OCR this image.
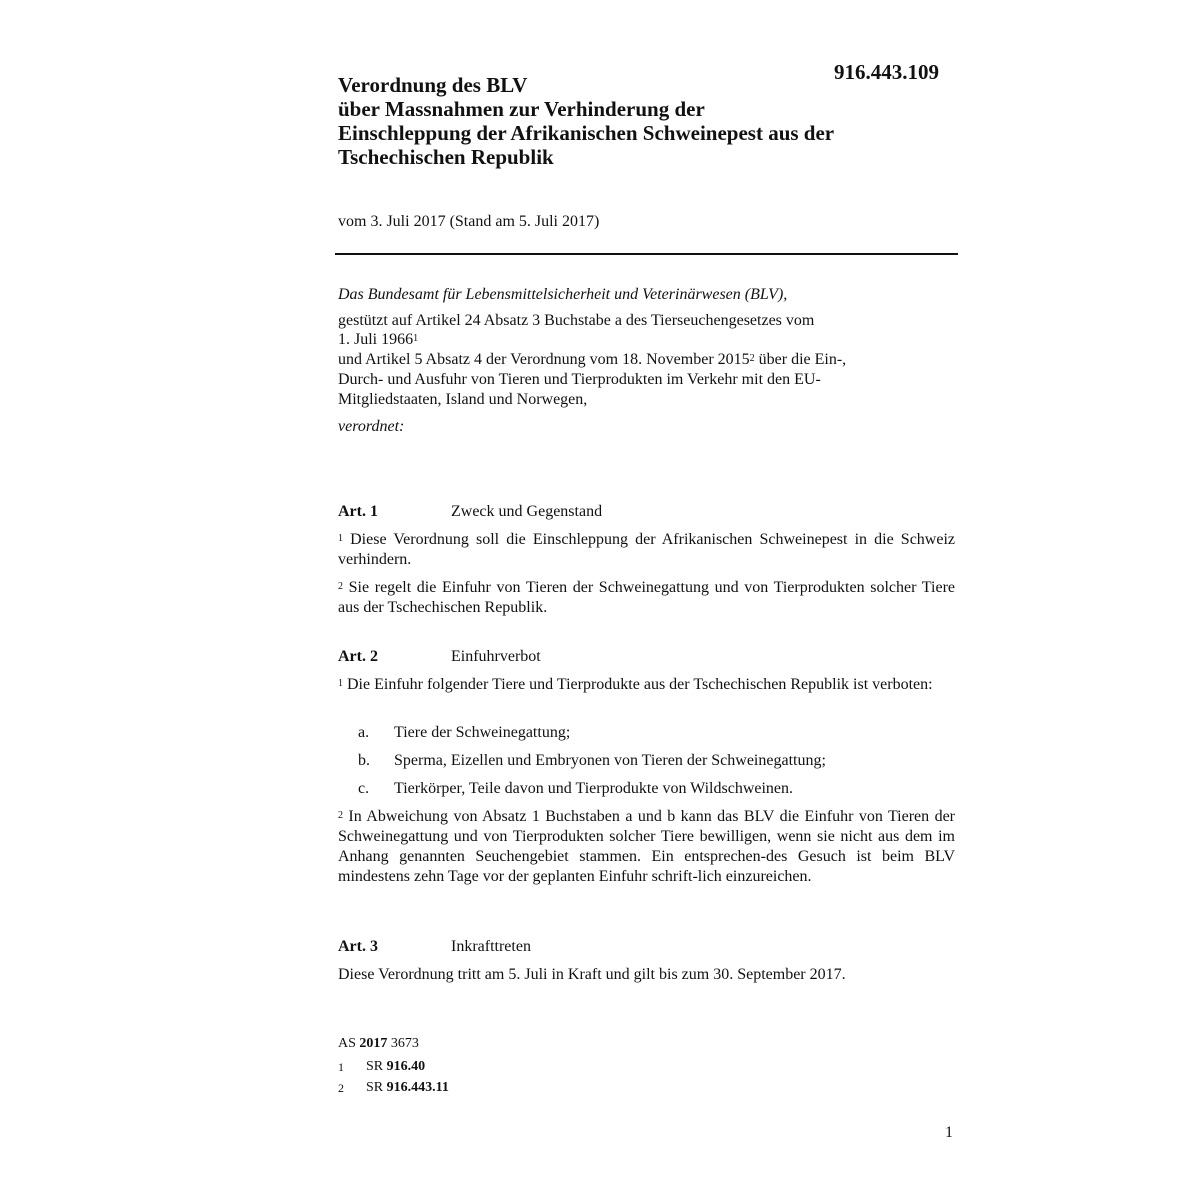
916.443.109
Verordnung des BLV
über Massnahmen zur Verhinderung der
Einschleppung der Afrikanischen Schweinepest aus der
Tschechischen Republik
vom 3. Juli 2017 (Stand am 5. Juli 2017)
Das Bundesamt für Lebensmittelsicherheit und Veterinärwesen (BLV),
gestützt auf Artikel 24 Absatz 3 Buchstabe a des Tierseuchengesetzes vom
1. Juli 1966$^1$
und Artikel 5 Absatz 4 der Verordnung vom 18. November 2015$^2$ über die Ein-,
Durch- und Ausfuhr von Tieren und Tierprodukten im Verkehr mit den EU-
Mitgliedstaaten, Island und Norwegen,
verordnet:
Art. 1	Zweck und Gegenstand
$^1$ Diese Verordnung soll die Einschleppung der Afrikanischen Schweinepest in die Schweiz verhindern.
$^2$ Sie regelt die Einfuhr von Tieren der Schweinegattung und von Tierprodukten solcher Tiere aus der Tschechischen Republik.
Art. 2	Einfuhrverbot
$^1$ Die Einfuhr folgender Tiere und Tierprodukte aus der Tschechischen Republik ist verboten:
a. Tiere der Schweinegattung;
b. Sperma, Eizellen und Embryonen von Tieren der Schweinegattung;
c. Tierkörper, Teile davon und Tierprodukte von Wildschweinen.
$^2$ In Abweichung von Absatz 1 Buchstaben a und b kann das BLV die Einfuhr von Tieren der Schweinegattung und von Tierprodukten solcher Tiere bewilligen, wenn sie nicht aus dem im Anhang genannten Seuchengebiet stammen. Ein entsprechen-des Gesuch ist beim BLV mindestens zehn Tage vor der geplanten Einfuhr schrift-lich einzureichen.
Art. 3	Inkrafttreten
Diese Verordnung tritt am 5. Juli in Kraft und gilt bis zum 30. September 2017.
AS 2017 3673
1 SR 916.40
2 SR 916.443.11
1
